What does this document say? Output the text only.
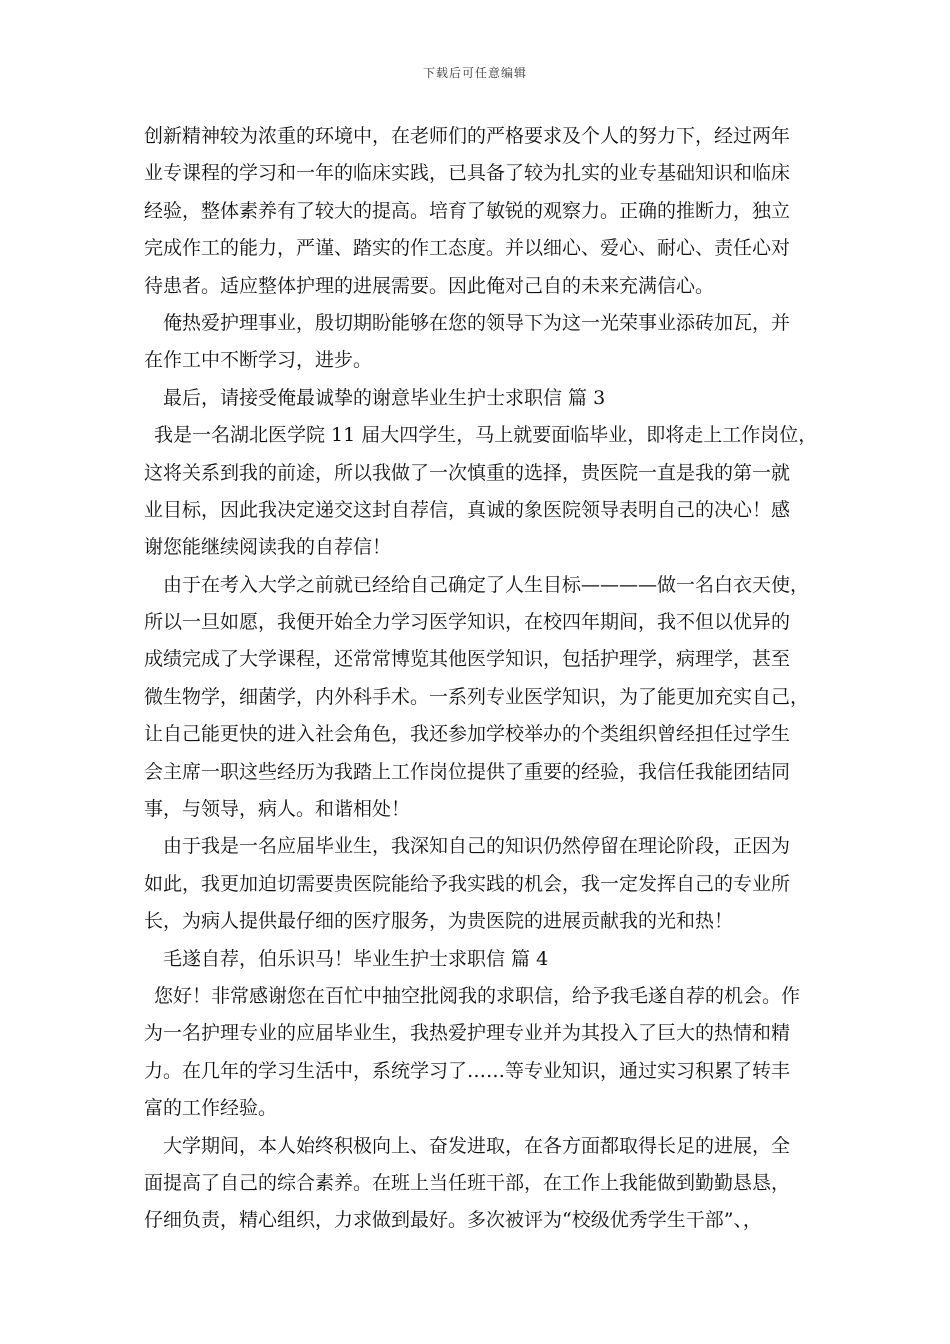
下载后可任意编辑
创新精神较为浓重的环境中，在老师们的严格要求及个人的努力下，经过两年
业专课程的学习和一年的临床实践，已具备了较为扎实的业专基础知识和临床
经验，整体素养有了较大的提高。培育了敏锐的观察力。正确的推断力，独立
完成作工的能力，严谨、踏实的作工态度。并以细心、爱心、耐心、责任心对
待患者。适应整体护理的进展需要。因此俺对己自的未来充满信心。
俺热爱护理事业，殷切期盼能够在您的领导下为这一光荣事业添砖加瓦，并
在作工中不断学习，进步。
最后，请接受俺最诚挚的谢意毕业生护士求职信 篇 3
我是一名湖北医学院 11 届大四学生，马上就要面临毕业，即将走上工作岗位，
这将关系到我的前途，所以我做了一次慎重的选择，贵医院一直是我的第一就
业目标，因此我决定递交这封自荐信，真诚的象医院领导表明自己的决心！感
谢您能继续阅读我的自荐信！
由于在考入大学之前就已经给自己确定了人生目标————做一名白衣天使，
所以一旦如愿，我便开始全力学习医学知识，在校四年期间，我不但以优异的
成绩完成了大学课程，还常常博览其他医学知识，包括护理学，病理学，甚至
微生物学，细菌学，内外科手术。一系列专业医学知识，为了能更加充实自己，
让自己能更快的进入社会角色，我还参加学校举办的个类组织曾经担任过学生
会主席一职这些经历为我踏上工作岗位提供了重要的经验，我信任我能团结同
事，与领导，病人。和谐相处！
由于我是一名应届毕业生，我深知自己的知识仍然停留在理论阶段，正因为
如此，我更加迫切需要贵医院能给予我实践的机会，我一定发挥自己的专业所
长，为病人提供最仔细的医疗服务，为贵医院的进展贡献我的光和热！
毛遂自荐，伯乐识马！毕业生护士求职信 篇 4
您好！非常感谢您在百忙中抽空批阅我的求职信，给予我毛遂自荐的机会。作
为一名护理专业的应届毕业生，我热爱护理专业并为其投入了巨大的热情和精
力。在几年的学习生活中，系统学习了……等专业知识，通过实习积累了转丰
富的工作经验。
大学期间，本人始终积极向上、奋发进取，在各方面都取得长足的进展，全
面提高了自己的综合素养。在班上当任班干部，在工作上我能做到勤勤恳恳，
仔细负责，精心组织，力求做到最好。多次被评为“校级优秀学生干部”、，
